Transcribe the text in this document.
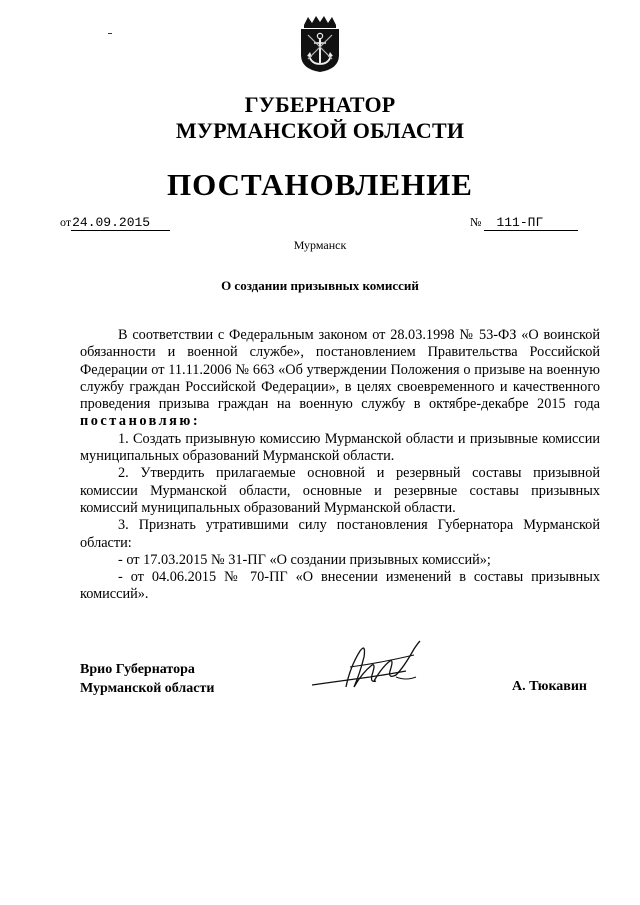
ГУБЕРНАТОР
МУРМАНСКОЙ ОБЛАСТИ
ПОСТАНОВЛЕНИЕ
от24.09.2015	№ 111-ПГ
Мурманск
О создании призывных комиссий

В соответствии с Федеральным законом от 28.03.1998 № 53-ФЗ «О воинской обязанности и военной службе», постановлением Правительства Российской Федерации от 11.11.2006 № 663 «Об утверждении Положения о призыве на военную службу граждан Российской Федерации», в целях своевременного и качественного проведения призыва граждан на военную службу в октябре-декабре 2015 года постановляю:

1. Создать призывную комиссию Мурманской области и призывные комиссии муниципальных образований Мурманской области.

2. Утвердить прилагаемые основной и резервный составы призывной комиссии Мурманской области, основные и резервные составы призывных комиссий муниципальных образований Мурманской области.

3. Признать утратившими силу постановления Губернатора Мурманской области:

- от 17.03.2015 № 31-ПГ «О создании призывных комиссий»;

- от 04.06.2015 № 70-ПГ «О внесении изменений в составы призывных комиссий».

Врио Губернатора
Мурманской области	А. Тюкавин
